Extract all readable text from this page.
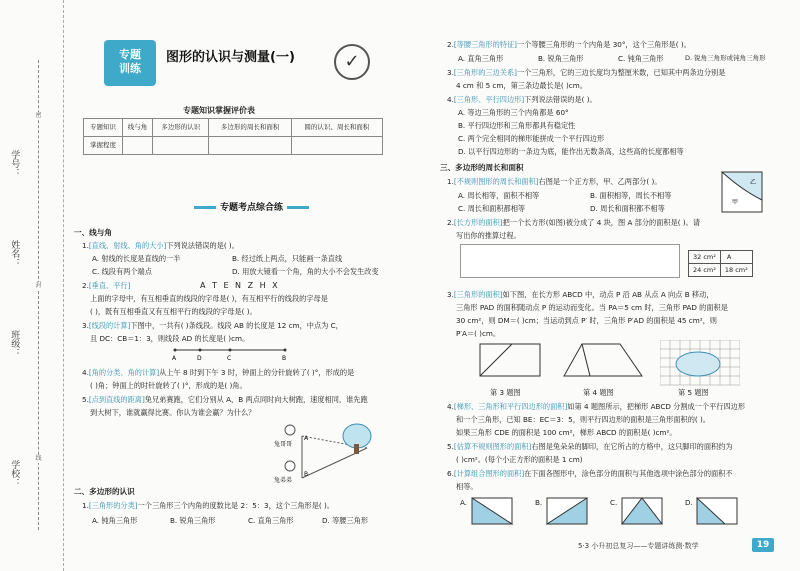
密
封
线
学号：
姓名：
班级：
学校：
专题
训练
图形的认识与测量(一)	✓
专题知识掌握评价表
专题知识	线与角	多边形的认识	多边形的周长和面积	圆的认识、周长和面积
掌握程度				
专题考点综合练
一、线与角
1.[直线、射线、角的大小]下列说法错误的是( )。
A. 射线的长度是直线的一半	B. 经过纸上两点，只能画一条直线
C. 线段有两个端点	D. 用放大镜看一个角，角的大小不会发生改变
2.[垂直、平行]	A T E N Z H X
上面的字母中，有互相垂直的线段的字母是( )，有互相平行的线段的字母是
( )，既有互相垂直又有互相平行的线段的字母是( )。
3.[线段的计算]下图中，一共有( )条线段。线段 AB 的长度是 12 cm，中点为 C，
且 DC：CB＝1：3，则线段 AD 的长度是( )cm。
A	D	C	B
4.[角的分类、角的计算]从上午 8 时到下午 3 时，钟面上的分针旋转了( )°，形成的是
( )角；钟面上的时针旋转了( )°，形成的是( )角。
5.[点到直线的距离]兔兄弟赛跑，它们分别从 A，B 两点同时向大树跑，速度相同，谁先跑
到大树下，谁就赢得比赛。你认为谁会赢？为什么？
兔哥哥
兔弟弟
A
B
二、多边形的认识
1.[三角形的分类]一个三角形三个内角的度数比是 2：5：3，这个三角形是( )。
A. 钝角三角形	B. 锐角三角形	C. 直角三角形	D. 等腰三角形
2.[等腰三角形的特征]一个等腰三角形的一个内角是 30°，这个三角形是( )。
A. 直角三角形	B. 锐角三角形	C. 钝角三角形	D. 锐角三角形或钝角三角形
3.[三角形的三边关系]一个三角形，它的三边长度均为整厘米数，已知其中两条边分别是
4 cm 和 5 cm，第三条边最长是( )cm。
4.[三角形、平行四边形]下列说法错误的是( )。
A. 等边三角形的三个内角都是 60°
B. 平行四边形和三角形都具有稳定性
C. 两个完全相同的梯形能拼成一个平行四边形
D. 以平行四边形的一条边为底，能作出无数条高，这些高的长度都相等
三、多边形的周长和面积
1.[不规则图形的周长和面积]右图是一个正方形，甲、乙两部分( )。
A. 周长相等，面积不相等	B. 面积相等，周长不相等
C. 周长和面积都相等	D. 周长和面积都不相等
乙
甲
2.[长方形的面积]把一个长方形(如图)被分成了 4 块，图 A 部分的面积是( )。请
写出你的推算过程。
32 cm²	A
24 cm²	18 cm²
3.[三角形的面积]如下图，在长方形 ABCD 中，动点 P 沿 AB 从点 A 向点 B 移动，
三角形 PAD 的面积随动点 P 的运动而变化。当 PA＝5 cm 时，三角形 PAD 的面积是
30 cm²，则 DM＝( )cm；当运动到点 P′ 时，三角形 P′AD 的面积是 45 cm²，则
P′A＝( )cm。
第 3 题图	第 4 题图	第 5 题图
4.[梯形、三角形和平行四边形的面积]如第 4 题图所示，把梯形 ABCD 分割成一个平行四边形
和一个三角形，已知 BE：EC＝3：5，则平行四边形的面积是三角形面积的( )。
如果三角形 CDE 的面积是 100 cm²，梯形 ABCD 的面积是( )cm²。
5.[估算不规则图形的面积]右图是兔朵朵的脚印，在它所占的方格中，这只脚印的面积约为
( )cm²。(每个小正方形的面积是 1 cm)
6.[计算组合图形的面积]在下面各图形中，涂色部分的面积与其他选项中涂色部分的面积不
相等。
A.	B.	C.	D.
5·3 小升初总复习——专题讲练测·数学	19
